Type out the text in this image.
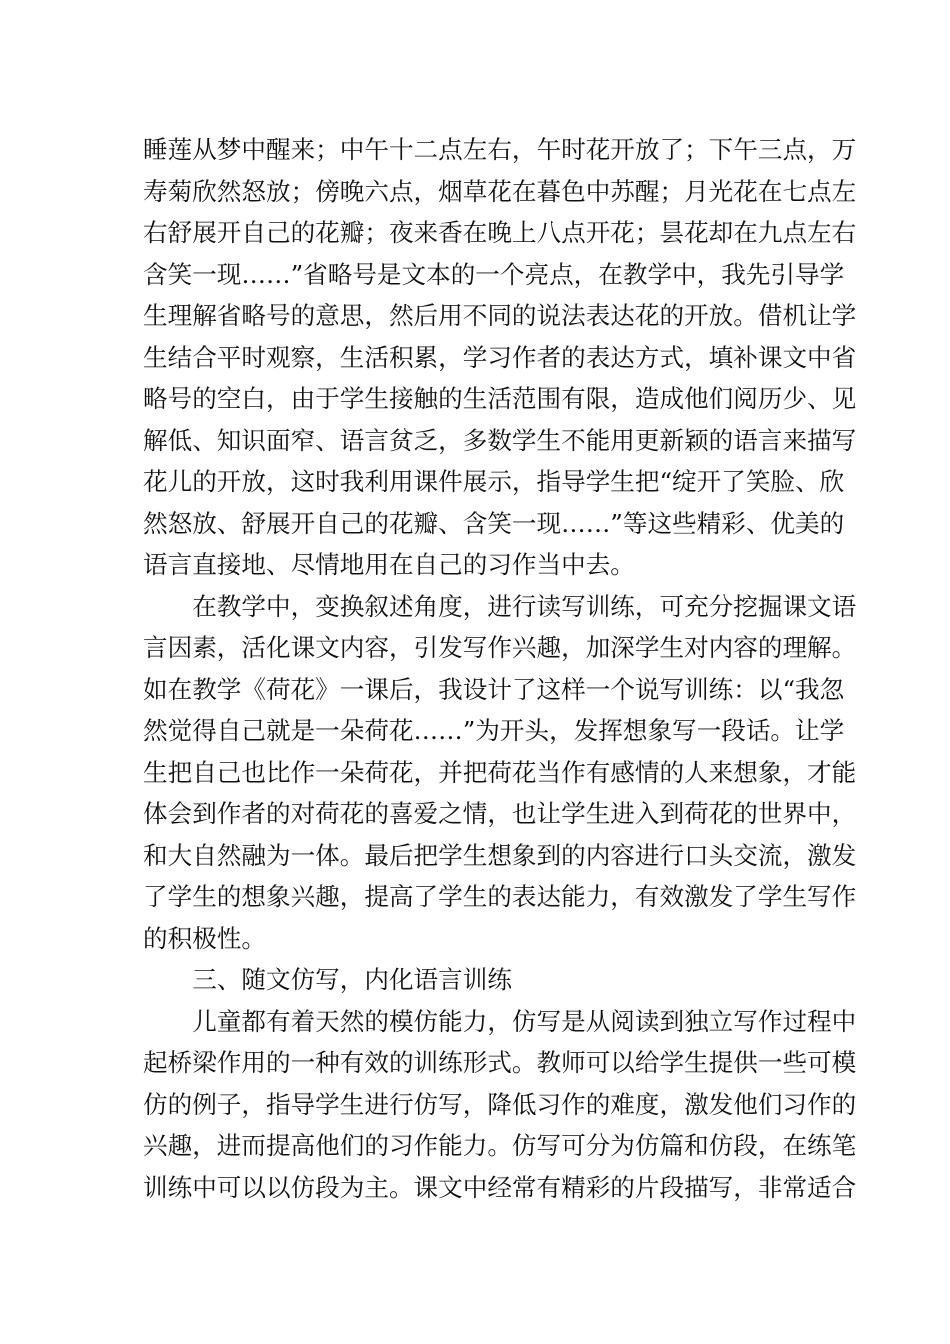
睡莲从梦中醒来；中午十二点左右，午时花开放了；下午三点，万
寿菊欣然怒放；傍晚六点，烟草花在暮色中苏醒；月光花在七点左
右舒展开自己的花瓣；夜来香在晚上八点开花；昙花却在九点左右
含笑一现……”省略号是文本的一个亮点，在教学中，我先引导学
生理解省略号的意思，然后用不同的说法表达花的开放。借机让学
生结合平时观察，生活积累，学习作者的表达方式，填补课文中省
略号的空白，由于学生接触的生活范围有限，造成他们阅历少、见
解低、知识面窄、语言贫乏，多数学生不能用更新颖的语言来描写
花儿的开放，这时我利用课件展示，指导学生把“绽开了笑脸、欣
然怒放、舒展开自己的花瓣、含笑一现……”等这些精彩、优美的
语言直接地、尽情地用在自己的习作当中去。
　　在教学中，变换叙述角度，进行读写训练，可充分挖掘课文语
言因素，活化课文内容，引发写作兴趣，加深学生对内容的理解。
如在教学《荷花》一课后，我设计了这样一个说写训练：以“我忽
然觉得自己就是一朵荷花……”为开头，发挥想象写一段话。让学
生把自己也比作一朵荷花，并把荷花当作有感情的人来想象，才能
体会到作者的对荷花的喜爱之情，也让学生进入到荷花的世界中，
和大自然融为一体。最后把学生想象到的内容进行口头交流，激发
了学生的想象兴趣，提高了学生的表达能力，有效激发了学生写作
的积极性。
　　三、随文仿写，内化语言训练
　　儿童都有着天然的模仿能力，仿写是从阅读到独立写作过程中
起桥梁作用的一种有效的训练形式。教师可以给学生提供一些可模
仿的例子，指导学生进行仿写，降低习作的难度，激发他们习作的
兴趣，进而提高他们的习作能力。仿写可分为仿篇和仿段，在练笔
训练中可以以仿段为主。课文中经常有精彩的片段描写，非常适合
